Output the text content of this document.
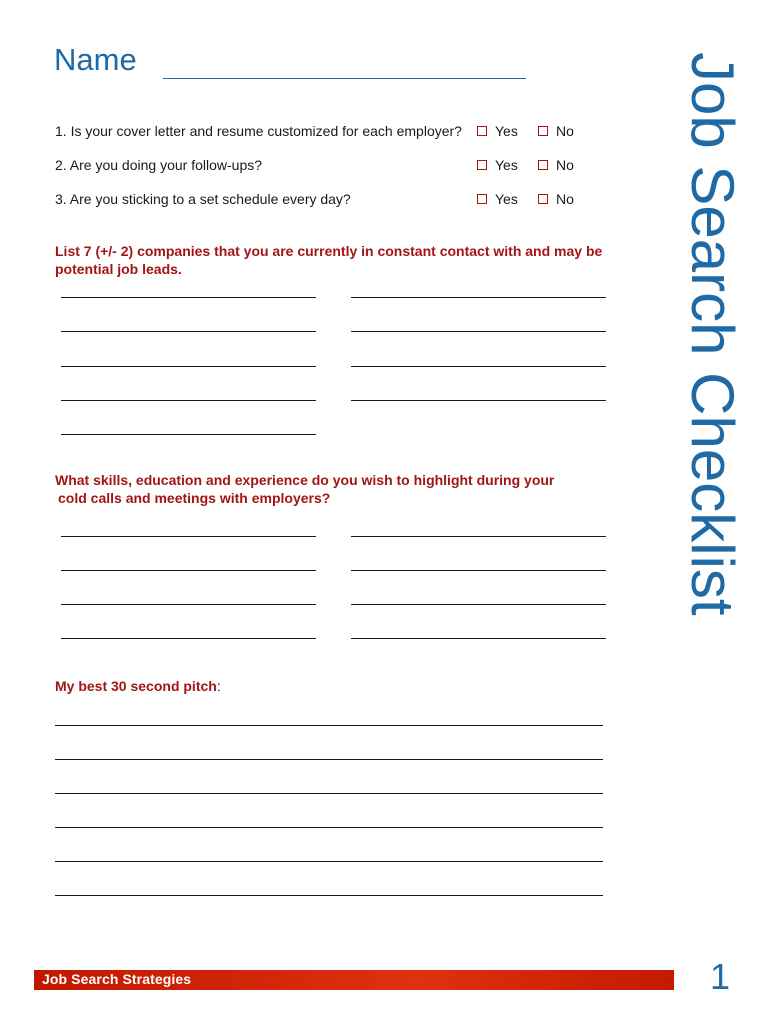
Name
1. Is your cover letter and resume customized for each employer? Yes	No
2. Are you doing your follow-ups?	Yes	No
3. Are you sticking to a set schedule every day?	Yes	No
List 7 (+/- 2) companies that you are currently in constant contact with and may be
potential job leads.
What skills, education and experience do you wish to highlight during your
cold calls and meetings with employers?
My best 30 second pitch:
Job Search Checklist
Job Search Strategies	1
